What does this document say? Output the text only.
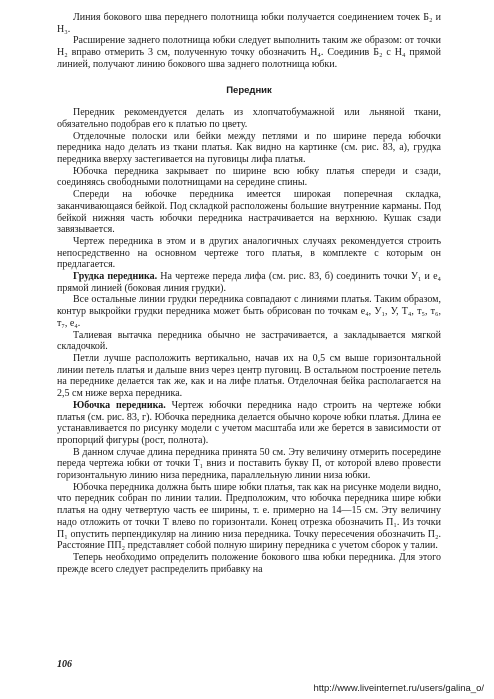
Линия бокового шва переднего полотнища юбки получается соединением точек Б₂ и Н₃.

Расширение заднего полотнища юбки следует выполнить таким же образом: от точки Н₂ вправо отмерить 3 см, полученную точку обозначить Н₄. Соединив Б₂ с Н₄ прямой линией, получают линию бокового шва заднего полотнища юбки.

Передник

Передник рекомендуется делать из хлопчатобумажной или льняной ткани, обязательно подобрав его к платью по цвету.

Отделочные полоски или бейки между петлями и по ширине переда юбочки передника надо делать из ткани платья. Как видно на картинке (см. рис. 83, а), грудка передника вверху застегивается на пуговицы лифа платья.

Юбочка передника закрывает по ширине всю юбку платья спереди и сзади, соединяясь свободными полотнищами на середине спины.

Спереди на юбочке передника имеется широкая поперечная складка, заканчивающаяся бейкой. Под складкой расположены большие внутренние карманы. Под бейкой нижняя часть юбочки передника настрачивается на верхнюю. Кушак сзади завязывается.

Чертеж передника в этом и в других аналогичных случаях рекомендуется строить непосредственно на основном чертеже того платья, в комплекте с которым он предлагается.

Грудка передника. На чертеже переда лифа (см. рис. 83, б) соединить точки У₁ и е₄ прямой линией (боковая линия грудки).

Все остальные линии грудки передника совпадают с линиями платья. Таким образом, контур выкройки грудки передника может быть обрисован по точкам е₄, У₁, У, Т₄, т₅, т₆, т₇, е₄.

Талиевая вытачка передника обычно не застрачивается, а закладывается мягкой складочкой.

Петли лучше расположить вертикально, начав их на 0,5 см выше горизонтальной линии петель платья и дальше вниз через центр пуговиц. В остальном построение петель на переднике делается так же, как и на лифе платья. Отделочная бейка располагается на 2,5 см ниже верха передника.

Юбочка передника. Чертеж юбочки передника надо строить на чертеже юбки платья (см. рис. 83, г). Юбочка передника делается обычно короче юбки платья. Длина ее устанавливается по рисунку модели с учетом масштаба или же берется в зависимости от пропорций фигуры (рост, полнота).

В данном случае длина передника принята 50 см. Эту величину отмерить посередине переда чертежа юбки от точки Т₁ вниз и поставить букву П, от которой влево провести горизонтальную линию низа передника, параллельную линии низа юбки.

Юбочка передника должна быть шире юбки платья, так как на рисунке модели видно, что передник собран по линии талии. Предположим, что юбочка передника шире юбки платья на одну четвертую часть ее ширины, т. е. примерно на 14—15 см. Эту величину надо отложить от точки Т влево по горизонтали. Конец отрезка обозначить П₁. Из точки П₁ опустить перпендикуляр на линию низа передника. Точку пересечения обозначить П₂. Расстояние ПП₂ представляет собой полную ширину передника с учетом сборок у талии.

Теперь необходимо определить положение бокового шва юбки передника. Для этого прежде всего следует распределить прибавку на

106
http://www.liveinternet.ru/users/galina_o/
